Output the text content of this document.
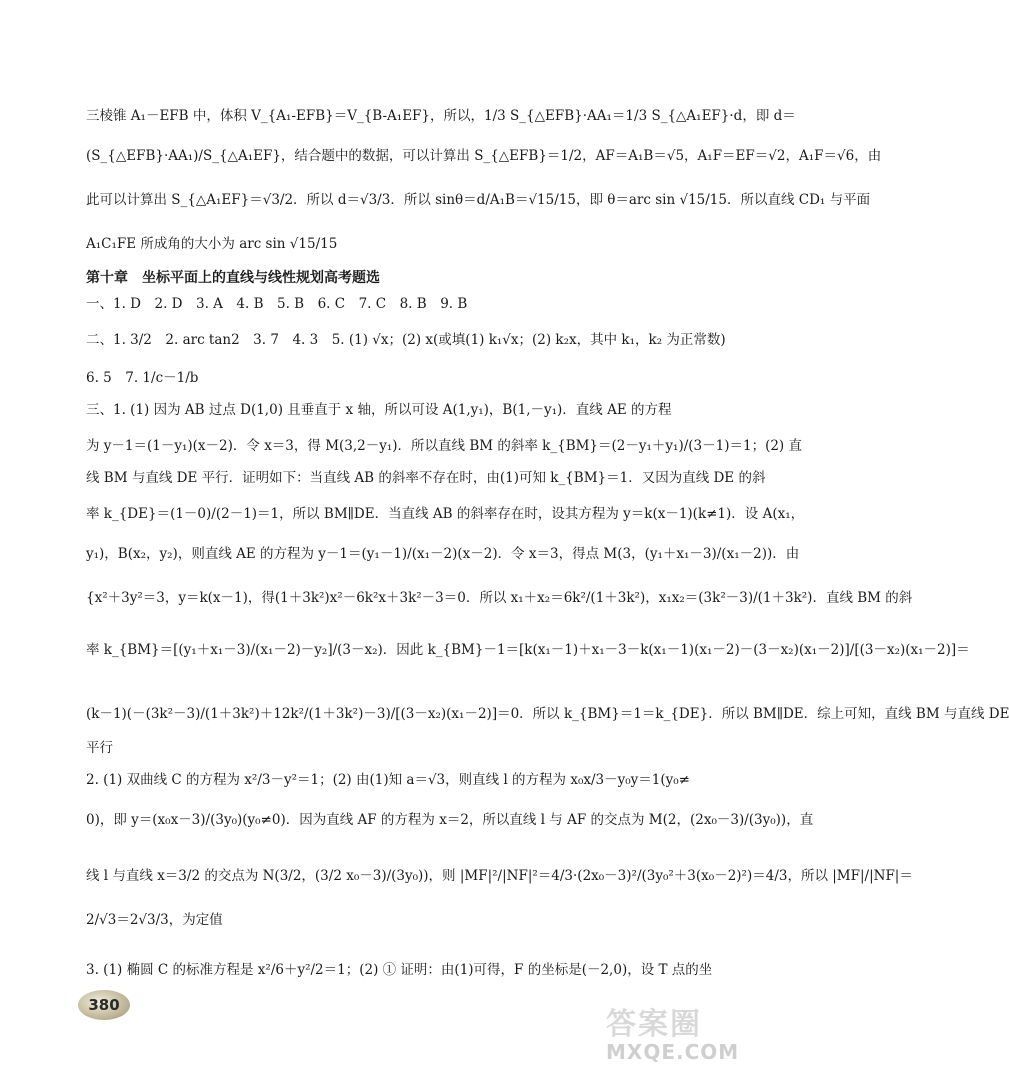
三棱锥 A₁－EFB 中，体积 V_{A₁-EFB}＝V_{B-A₁EF}，所以，1/3 S_{△EFB}·AA₁＝1/3 S_{△A₁EF}·d，即 d＝
(S_{△EFB}·AA₁)/S_{△A₁EF}，结合题中的数据，可以计算出 S_{△EFB}＝1/2，AF＝A₁B＝√5，A₁F＝EF＝√2，A₁F＝√6，由
此可以计算出 S_{△A₁EF}＝√3/2．所以 d＝√3/3．所以 sinθ＝d/A₁B＝√15/15，即 θ＝arc sin √15/15．所以直线 CD₁ 与平面
A₁C₁FE 所成角的大小为 arc sin √15/15
第十章　坐标平面上的直线与线性规划高考题选
一、1. D　2. D　3. A　4. B　5. B　6. C　7. C　8. B　9. B
二、1. 3/2　2. arc tan2　3. 7　4. 3　5. (1) √x；(2) x(或填(1) k₁√x；(2) k₂x，其中 k₁，k₂ 为正常数)
6. 5　7. 1/c－1/b
三、1. (1) 因为 AB 过点 D(1,0) 且垂直于 x 轴，所以可设 A(1,y₁)，B(1,－y₁)．直线 AE 的方程
为 y－1＝(1－y₁)(x－2)．令 x＝3，得 M(3,2－y₁)．所以直线 BM 的斜率 k_{BM}＝(2－y₁＋y₁)/(3－1)＝1；(2) 直
线 BM 与直线 DE 平行．证明如下：当直线 AB 的斜率不存在时，由(1)可知 k_{BM}＝1．又因为直线 DE 的斜
率 k_{DE}＝(1－0)/(2－1)＝1，所以 BM∥DE．当直线 AB 的斜率存在时，设其方程为 y＝k(x－1)(k≠1)．设 A(x₁，
y₁)，B(x₂，y₂)，则直线 AE 的方程为 y－1＝(y₁－1)/(x₁－2)(x－2)．令 x＝3，得点 M(3，(y₁＋x₁－3)/(x₁－2))．由
{x²＋3y²＝3，y＝k(x－1)，得(1＋3k²)x²－6k²x＋3k²－3＝0．所以 x₁＋x₂＝6k²/(1＋3k²)，x₁x₂＝(3k²－3)/(1＋3k²)．直线 BM 的斜
率 k_{BM}＝[(y₁＋x₁－3)/(x₁－2)－y₂]/(3－x₂)．因此 k_{BM}－1＝[k(x₁－1)＋x₁－3－k(x₁－1)(x₁－2)－(3－x₂)(x₁－2)]/[(3－x₂)(x₁－2)]＝
(k－1)(－(3k²－3)/(1＋3k²)＋12k²/(1＋3k²)－3)/[(3－x₂)(x₁－2)]＝0．所以 k_{BM}＝1＝k_{DE}．所以 BM∥DE．综上可知，直线 BM 与直线 DE
平行
2. (1) 双曲线 C 的方程为 x²/3－y²＝1；(2) 由(1)知 a＝√3，则直线 l 的方程为 x₀x/3－y₀y＝1(y₀≠
0)，即 y＝(x₀x－3)/(3y₀)(y₀≠0)．因为直线 AF 的方程为 x＝2，所以直线 l 与 AF 的交点为 M(2，(2x₀－3)/(3y₀))，直
线 l 与直线 x＝3/2 的交点为 N(3/2，(3/2 x₀－3)/(3y₀))，则 |MF|²/|NF|²＝4/3·(2x₀－3)²/(3y₀²＋3(x₀－2)²)＝4/3，所以 |MF|/|NF|＝
2/√3＝2√3/3，为定值
3. (1) 椭圆 C 的标准方程是 x²/6＋y²/2＝1；(2) ① 证明：由(1)可得，F 的坐标是(－2,0)，设 T 点的坐
380
答案圈
MXQE.COM
